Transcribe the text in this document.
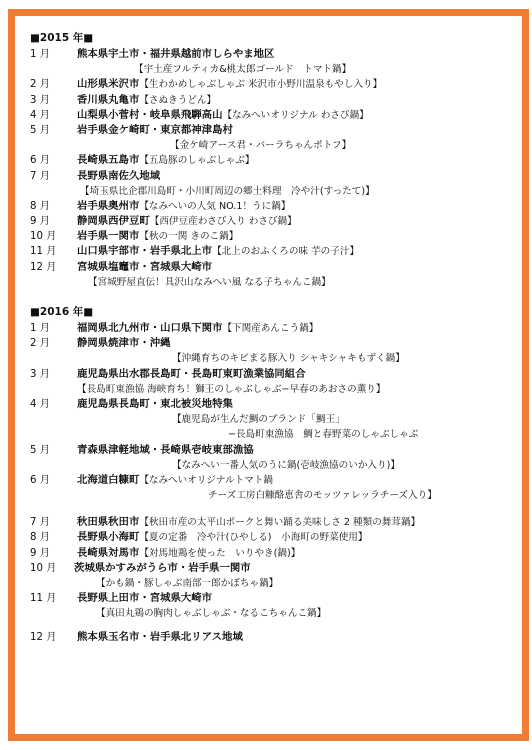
■2015 年■
1 月	熊本県宇土市・福井県越前市しらやま地区
【宇土産フルティカ&桃太郎ゴールド　トマト鍋】
2 月	山形県米沢市【生わかめしゃぶしゃぶ 米沢市小野川温泉もやし入り】
3 月	香川県丸亀市【さぬきうどん】
4 月	山梨県小菅村・岐阜県飛騨高山【なみへいオリジナル わさび鍋】
5 月	岩手県金ケ崎町・東京都神津島村
【金ケ崎アース君・バーラちゃんポトフ】
6 月	長崎県五島市【五島豚のしゃぶしゃぶ】
7 月	長野県南佐久地域
【埼玉県比企郡川島町・小川町周辺の郷土料理　冷や汁(すったて)】
8 月	岩手県奥州市【なみへいの人気 NO.1！うに鍋】
9 月	静岡県西伊豆町【西伊豆産わさび入り わさび鍋】
10 月	岩手県一関市【秋の一関 きのこ鍋】
11 月	山口県宇部市・岩手県北上市【北上のおふくろの味 芋の子汁】
12 月	宮城県塩竈市・宮城県大崎市
【宮城野屋直伝！具沢山なみへい風 なる子ちゃんこ鍋】
■2016 年■
1 月	福岡県北九州市・山口県下関市【下関産あんこう鍋】
2 月	静岡県焼津市・沖縄
【沖縄育ちのキビまる豚入り シャキシャキもずく鍋】
3 月	鹿児島県出水郡長島町・長島町東町漁業協同組合
【長島町東漁協 海峡育ち！獅王のしゃぶしゃぶ−早春のあおさの薫り】
4 月	鹿児島県長島町・東北被災地特集
【鹿児島が生んだ鯛のブランド「鯛王」
−長島町東漁協　鯛と春野菜のしゃぶしゃぶ
5 月	青森県津軽地域・長崎県壱岐東部漁協
【なみへい一番人気のうに鍋(壱岐漁協のいか入り)】
6 月	北海道白糠町【なみへいオリジナルトマト鍋
チーズ工房白糠酪恵舎のモッツァレッラチーズ入り】
7 月	秋田県秋田市【秋田市産の太平山ポークと舞い踊る美味しさ 2 種類の舞茸鍋】
8 月	長野県小海町【夏の定番　冷や汁(ひやしる)　小海町の野菜使用】
9 月	長崎県対馬市【対馬地鶏を使った　いりやき(鍋)】
10 月	茨城県かすみがうら市・岩手県一関市
【かも鍋・豚しゃぶ南部一郎かぼちゃ鍋】
11 月	長野県上田市・宮城県大崎市
【真田丸鶏の胸肉しゃぶしゃぶ・なるこちゃんこ鍋】
12 月	熊本県玉名市・岩手県北リアス地域
